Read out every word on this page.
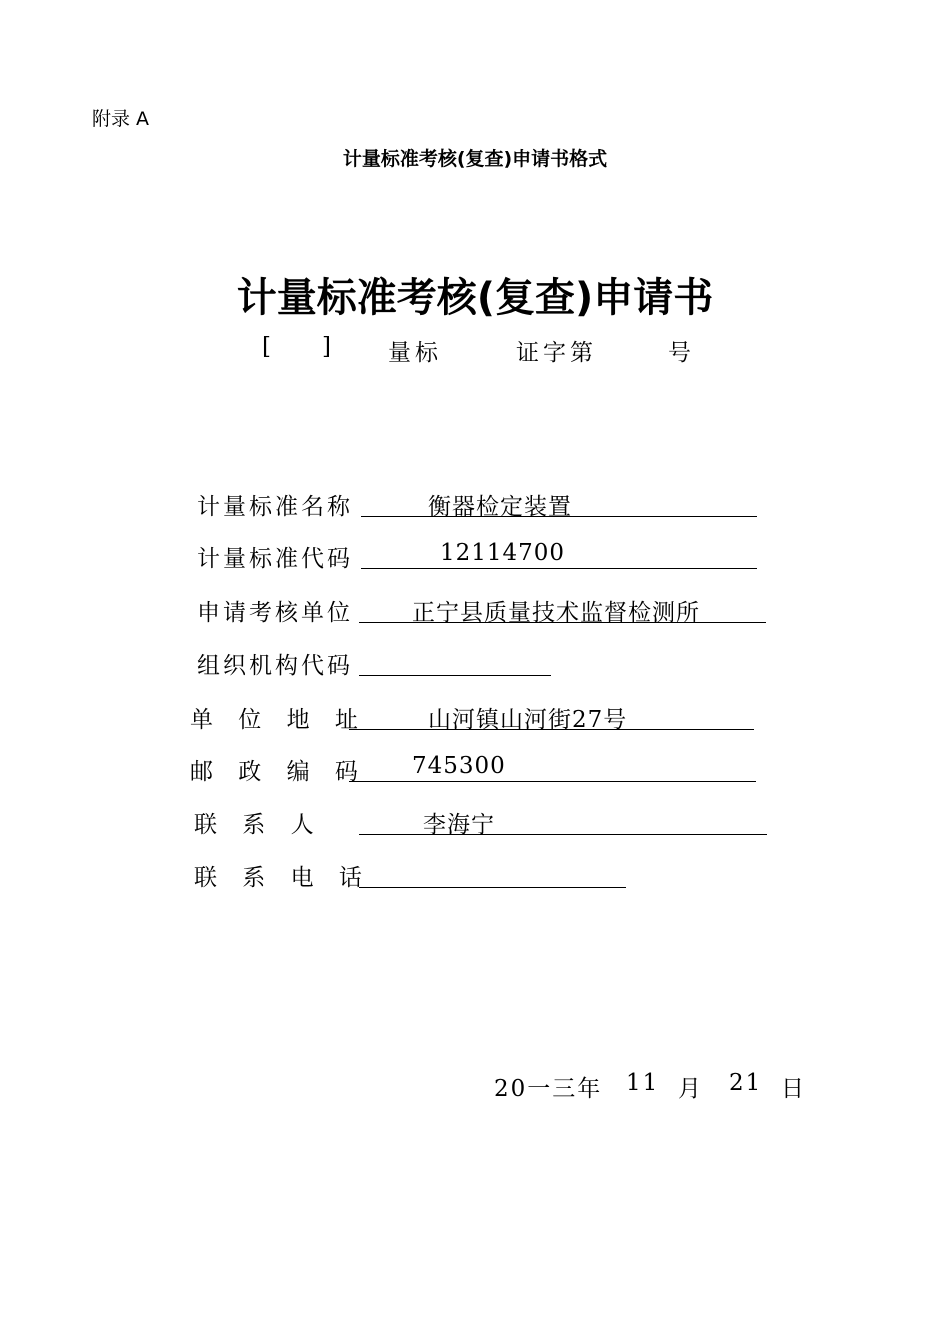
附录 A
计量标准考核(复查)申请书格式
计量标准考核(复查)申请书
[ ] 量标	证字第	号
计量标准名称	衡器检定装置
计量标准代码	12114700
申请考核单位	正宁县质量技术监督检测所
组织机构代码
单 位 地 址	山河镇山河街27号
邮 政 编 码 745300
联 系 人	李海宁
联 系 电 话
20一三年 11 月 21 日
